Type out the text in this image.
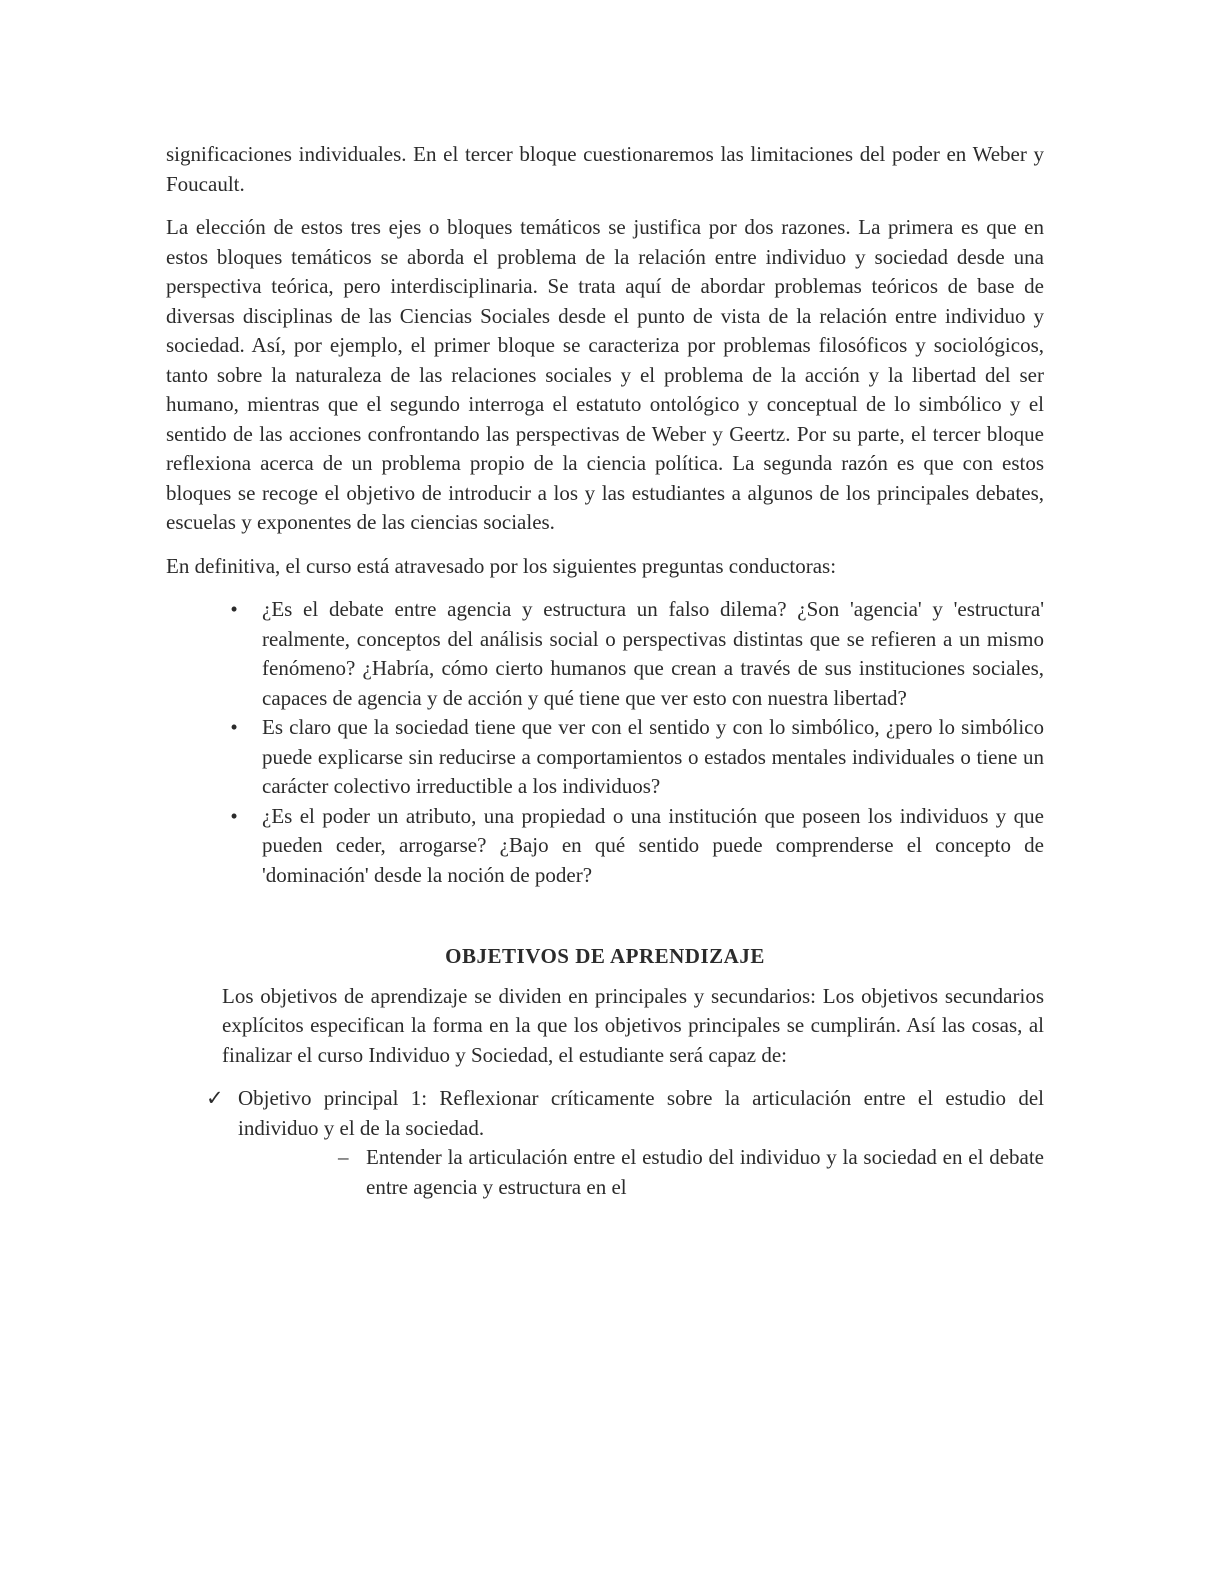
significaciones individuales. En el tercer bloque cuestionaremos las limitaciones del poder en Weber y Foucault.

La elección de estos tres ejes o bloques temáticos se justifica por dos razones. La primera es que en estos bloques temáticos se aborda el problema de la relación entre individuo y sociedad desde una perspectiva teórica, pero interdisciplinaria. Se trata aquí de abordar problemas teóricos de base de diversas disciplinas de las Ciencias Sociales desde el punto de vista de la relación entre individuo y sociedad. Así, por ejemplo, el primer bloque se caracteriza por problemas filosóficos y sociológicos, tanto sobre la naturaleza de las relaciones sociales y el problema de la acción y la libertad del ser humano, mientras que el segundo interroga el estatuto ontológico y conceptual de lo simbólico y el sentido de las acciones confrontando las perspectivas de Weber y Geertz. Por su parte, el tercer bloque reflexiona acerca de un problema propio de la ciencia política. La segunda razón es que con estos bloques se recoge el objetivo de introducir a los y las estudiantes a algunos de los principales debates, escuelas y exponentes de las ciencias sociales.

En definitiva, el curso está atravesado por los siguientes preguntas conductoras:

•	¿Es el debate entre agencia y estructura un falso dilema? ¿Son 'agencia' y 'estructura' realmente, conceptos del análisis social o perspectivas distintas que se refieren a un mismo fenómeno? ¿Habría, cómo cierto humanos que crean a través de sus instituciones sociales, capaces de agencia y de acción y qué tiene que ver esto con nuestra libertad?
•	Es claro que la sociedad tiene que ver con el sentido y con lo simbólico, ¿pero lo simbólico puede explicarse sin reducirse a comportamientos o estados mentales individuales o tiene un carácter colectivo irreductible a los individuos?
•	¿Es el poder un atributo, una propiedad o una institución que poseen los individuos y que pueden ceder, arrogarse? ¿Bajo en qué sentido puede comprenderse el concepto de 'dominación' desde la noción de poder?
OBJETIVOS DE APRENDIZAJE

Los objetivos de aprendizaje se dividen en principales y secundarios: Los objetivos secundarios explícitos especifican la forma en la que los objetivos principales se cumplirán. Así las cosas, al finalizar el curso Individuo y Sociedad, el estudiante será capaz de:

✓ Objetivo principal 1: Reflexionar críticamente sobre la articulación entre el estudio del individuo y el de la sociedad.
– Entender la articulación entre el estudio del individuo y la sociedad en el debate entre agencia y estructura en el
